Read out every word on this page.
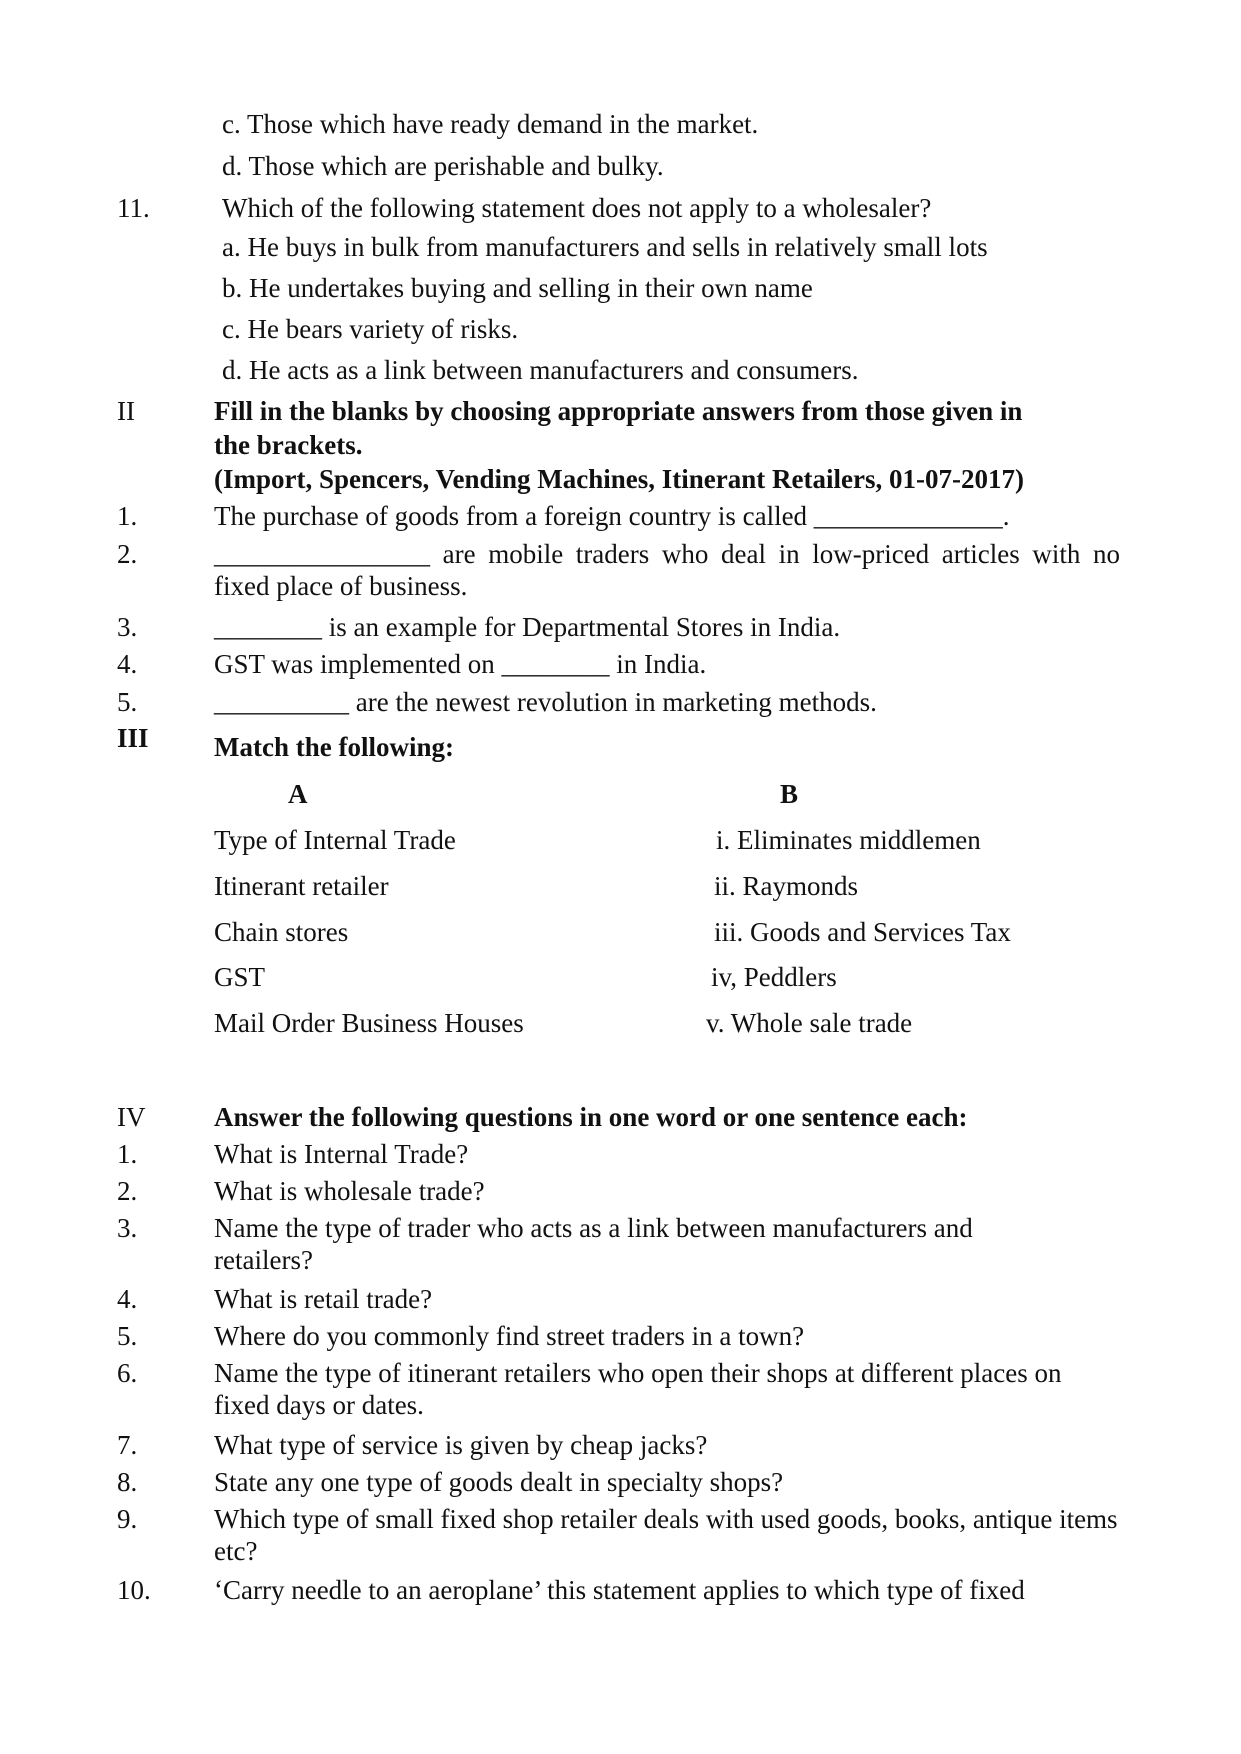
c. Those which have ready demand in the market.
d. Those which are perishable and bulky.
11.	Which of the following statement does not apply to a wholesaler?
a. He buys in bulk from manufacturers and sells in relatively small lots
b. He undertakes buying and selling in their own name
c. He bears variety of risks.
d. He acts as a link between manufacturers and consumers.
II	Fill in the blanks by choosing appropriate answers from those given in
the brackets.
(Import, Spencers, Vending Machines, Itinerant Retailers, 01-07-2017)
1.	The purchase of goods from a foreign country is called ______________.
2.	________________ are mobile traders who deal in low-priced articles with no fixed place of business.
3.	________ is an example for Departmental Stores in India.
4.	GST was implemented on ________ in India.
5.	__________ are the newest revolution in marketing methods.
III Match the following:
A	B
Type of Internal Trade	i. Eliminates middlemen
Itinerant retailer	ii. Raymonds
Chain stores	iii. Goods and Services Tax
GST	iv, Peddlers
Mail Order Business Houses	v. Whole sale trade
IV	Answer the following questions in one word or one sentence each:
1.	What is Internal Trade?
2.	What is wholesale trade?
3.	Name the type of trader who acts as a link between manufacturers and retailers?
4.	What is retail trade?
5.	Where do you commonly find street traders in a town?
6.	Name the type of itinerant retailers who open their shops at different places on fixed days or dates.
7.	What type of service is given by cheap jacks?
8.	State any one type of goods dealt in specialty shops?
9.	Which type of small fixed shop retailer deals with used goods, books, antique items etc?
10. ‘Carry needle to an aeroplane’ this statement applies to which type of fixed
